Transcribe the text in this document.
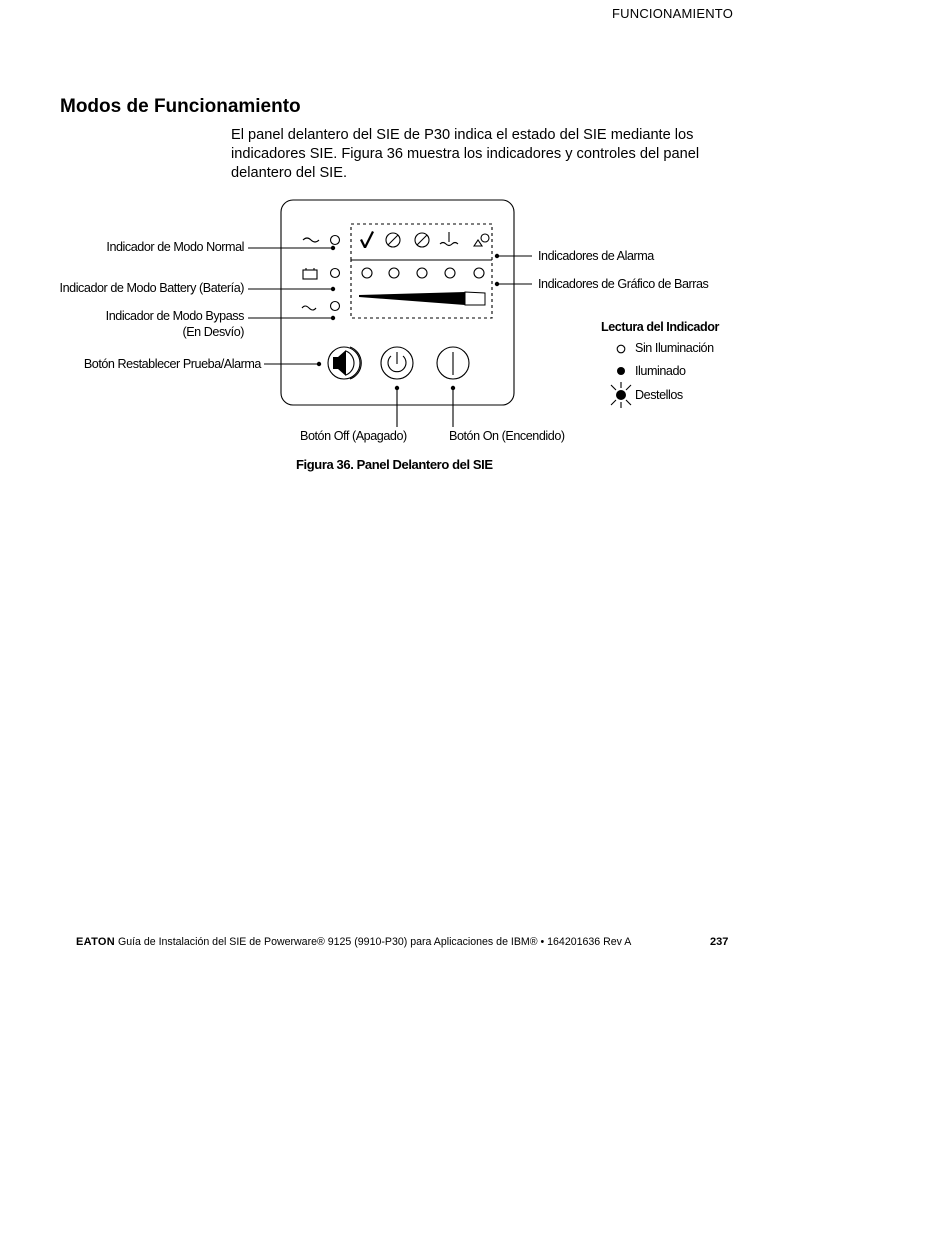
FUNCIONAMIENTO
Modos de Funcionamiento
El panel delantero del SIE de P30 indica el estado del SIE mediante los indicadores SIE. Figura 36 muestra los indicadores y controles del panel delantero del SIE.
Indicador de Modo Normal
Indicador de Modo Battery (Batería)
Indicador de Modo Bypass
(En Desvío)
Botón Restablecer Prueba/Alarma
Indicadores de Alarma
Indicadores de Gráfico de Barras
Botón Off (Apagado)	Botón On (Encendido)
Lectura del Indicador
Sin Iluminación
Iluminado
Destellos
Figura 36. Panel Delantero del SIE
EATON Guía de Instalación del SIE de Powerware® 9125 (9910-P30) para Aplicaciones de IBM® • 164201636 Rev A	237
